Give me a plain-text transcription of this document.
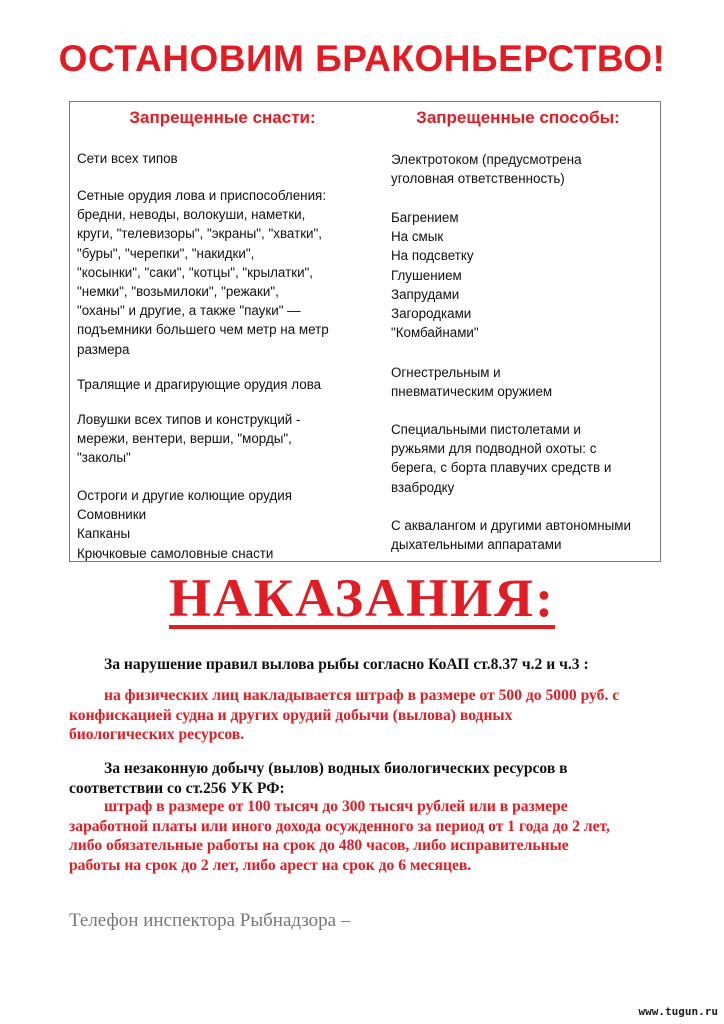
ОСТАНОВИМ БРАКОНЬЕРСТВО!
Запрещенные снасти:
Сети всех типов
Сетные орудия лова и приспособления:
бредни, неводы, волокуши, наметки,
круги, "телевизоры", "экраны", "хватки",
"буры", "черепки", "накидки",
"косынки", "саки", "котцы", "крылатки",
"немки", "возьмилоки", "режаки",
"оханы" и другие, а также "пауки" —
подъемники большего чем метр на метр
размера
Тралящие и драгирующие орудия лова
Ловушки всех типов и конструкций -
мережи, вентери, верши, "морды",
"заколы"
Остроги и другие колющие орудия
Сомовники
Капканы
Крючковые самоловные снасти
Запрещенные способы:
Электротоком (предусмотрена
уголовная ответственность)
Багрением
На смык
На подсветку
Глушением
Запрудами
Загородками
"Комбайнами"
Огнестрельным и
пневматическим оружием
Специальными пистолетами и
ружьями для подводной охоты: с
берега, с борта плавучих средств и
взабродку
С аквалангом и другими автономными
дыхательными аппаратами
НАКАЗАНИЯ:
За нарушение правил вылова рыбы согласно КоАП ст.8.37 ч.2 и ч.3 :
на физических лиц накладывается штраф в размере от 500 до 5000 руб. с
конфискацией судна и других орудий добычи (вылова) водных
биологических ресурсов.
За незаконную добычу (вылов) водных биологических ресурсов в
соответствии со ст.256 УК РФ:
штраф в размере от 100 тысяч до 300 тысяч рублей или в размере
заработной платы или иного дохода осужденного за период от 1 года до 2 лет,
либо обязательные работы на срок до 480 часов, либо исправительные
работы на срок до 2 лет, либо арест на срок до 6 месяцев.
Телефон инспектора Рыбнадзора –
www.tugun.ru
